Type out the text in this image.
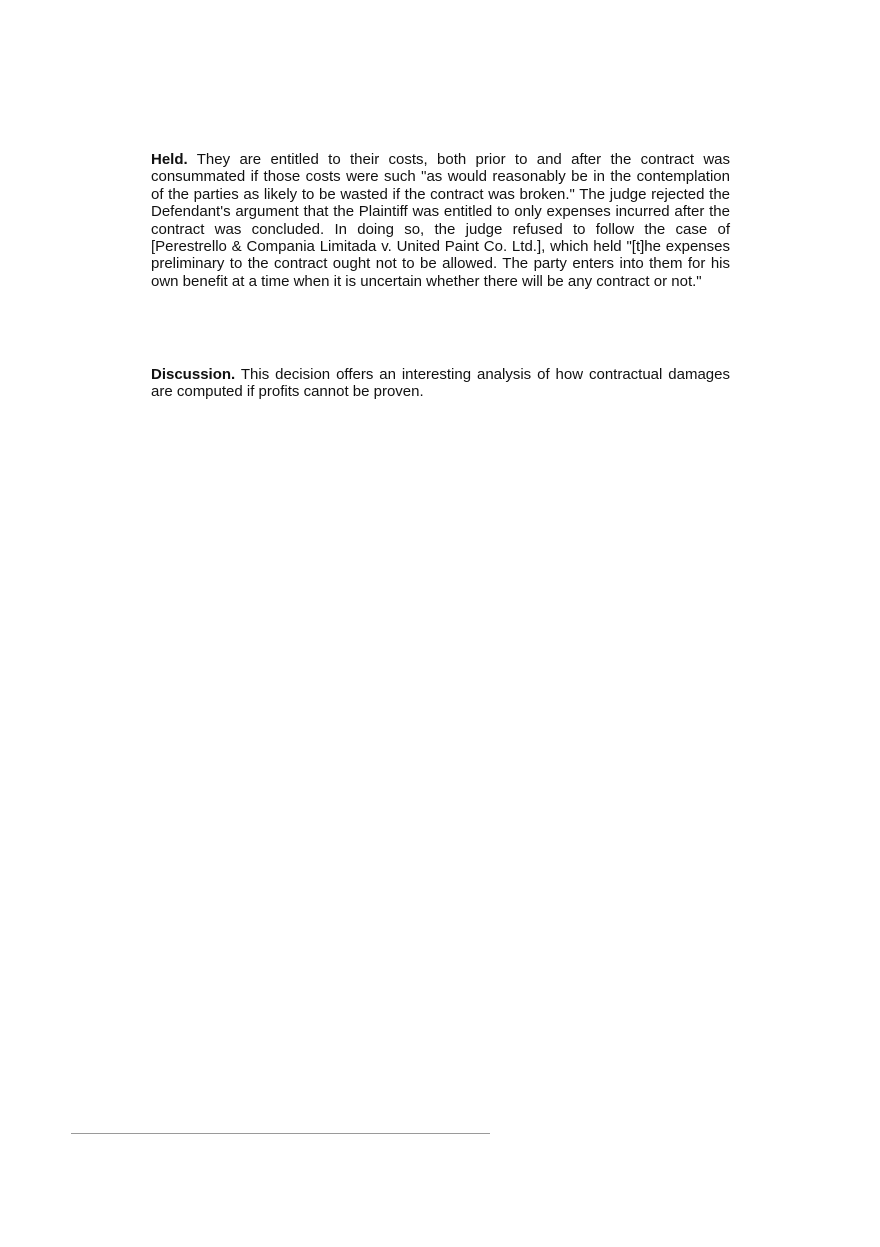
Held. They are entitled to their costs, both prior to and after the contract was consummated if those costs were such "as would reasonably be in the contemplation of the parties as likely to be wasted if the contract was broken." The judge rejected the Defendant's argument that the Plaintiff was entitled to only expenses incurred after the contract was concluded. In doing so, the judge refused to follow the case of [Perestrello & Compania Limitada v. United Paint Co. Ltd.], which held "[t]he expenses preliminary to the contract ought not to be allowed. The party enters into them for his own benefit at a time when it is uncertain whether there will be any contract or not."

Discussion. This decision offers an interesting analysis of how contractual damages are computed if profits cannot be proven.
